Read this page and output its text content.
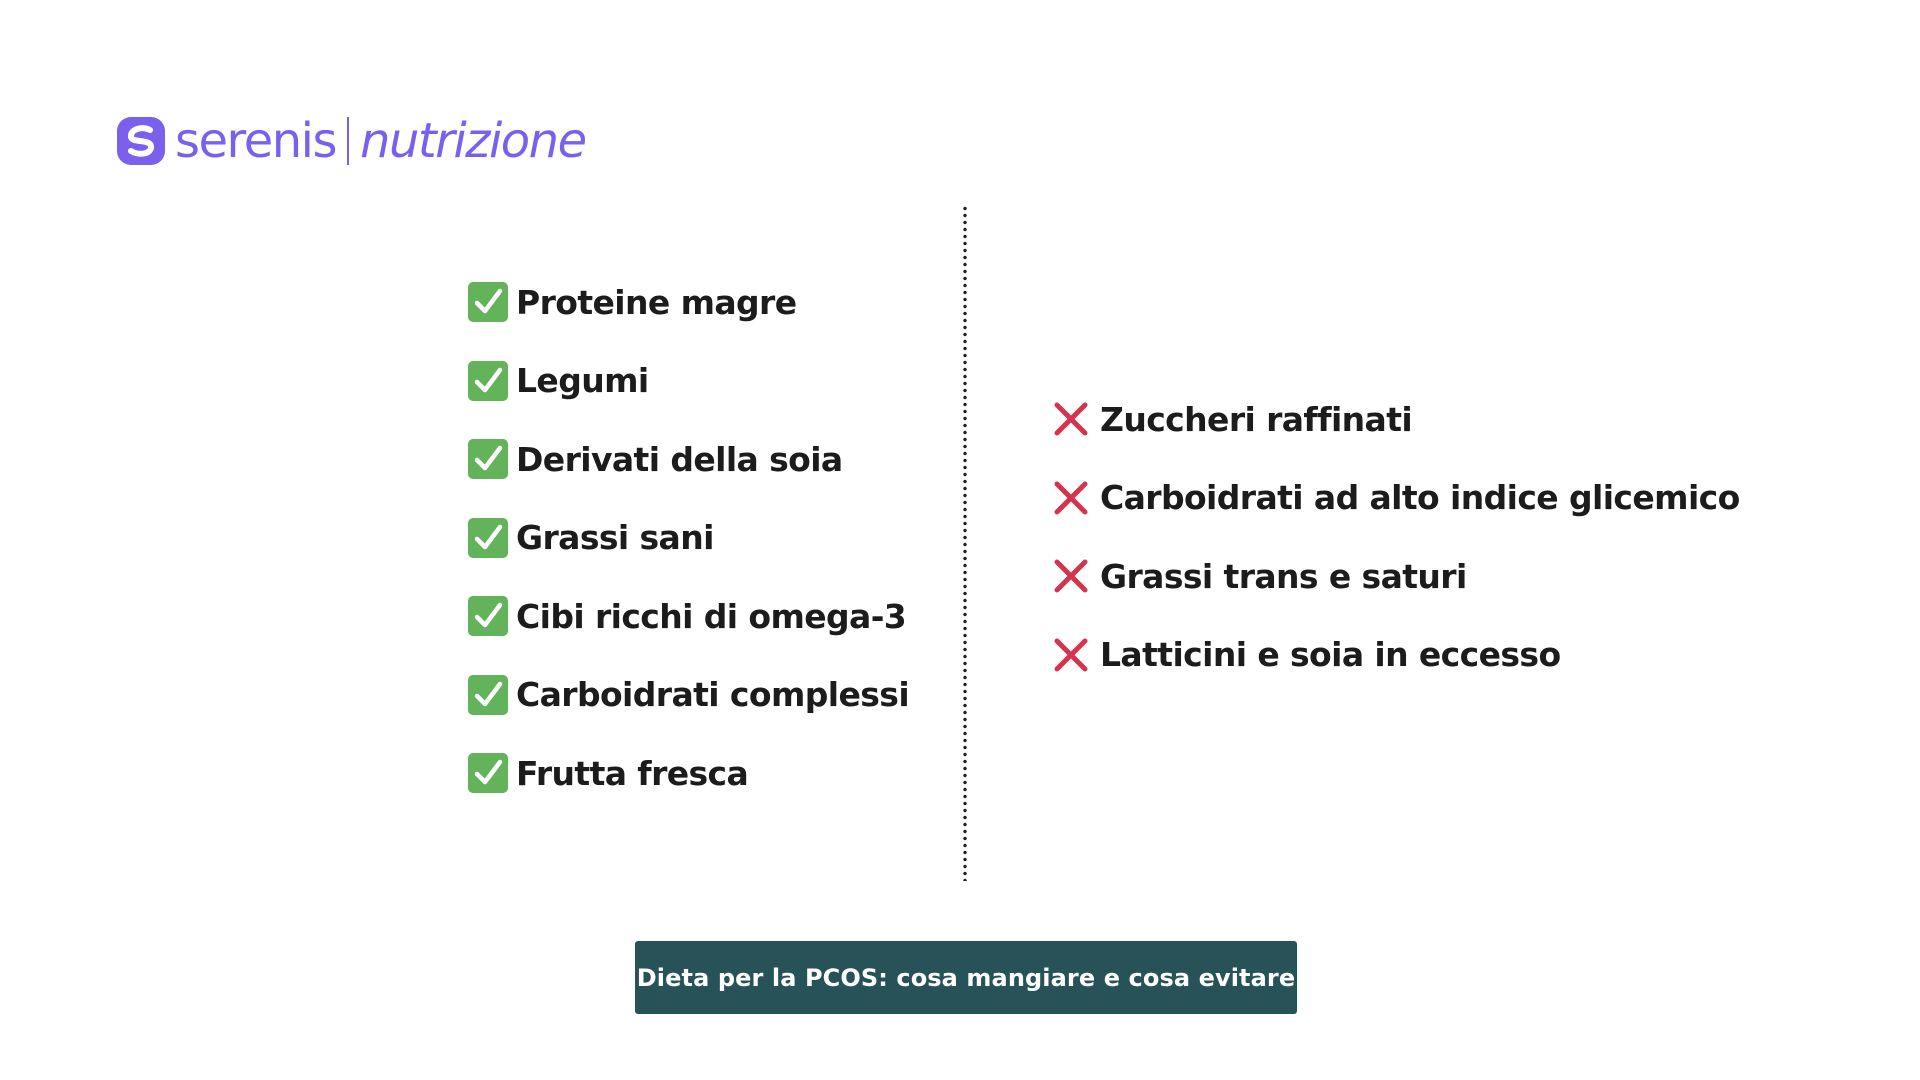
serenis nutrizione
Proteine magre
Legumi
Derivati della soia
Grassi sani
Cibi ricchi di omega-3
Carboidrati complessi
Frutta fresca
Zuccheri raffinati
Carboidrati ad alto indice glicemico
Grassi trans e saturi
Latticini e soia in eccesso
Dieta per la PCOS: cosa mangiare e cosa evitare
